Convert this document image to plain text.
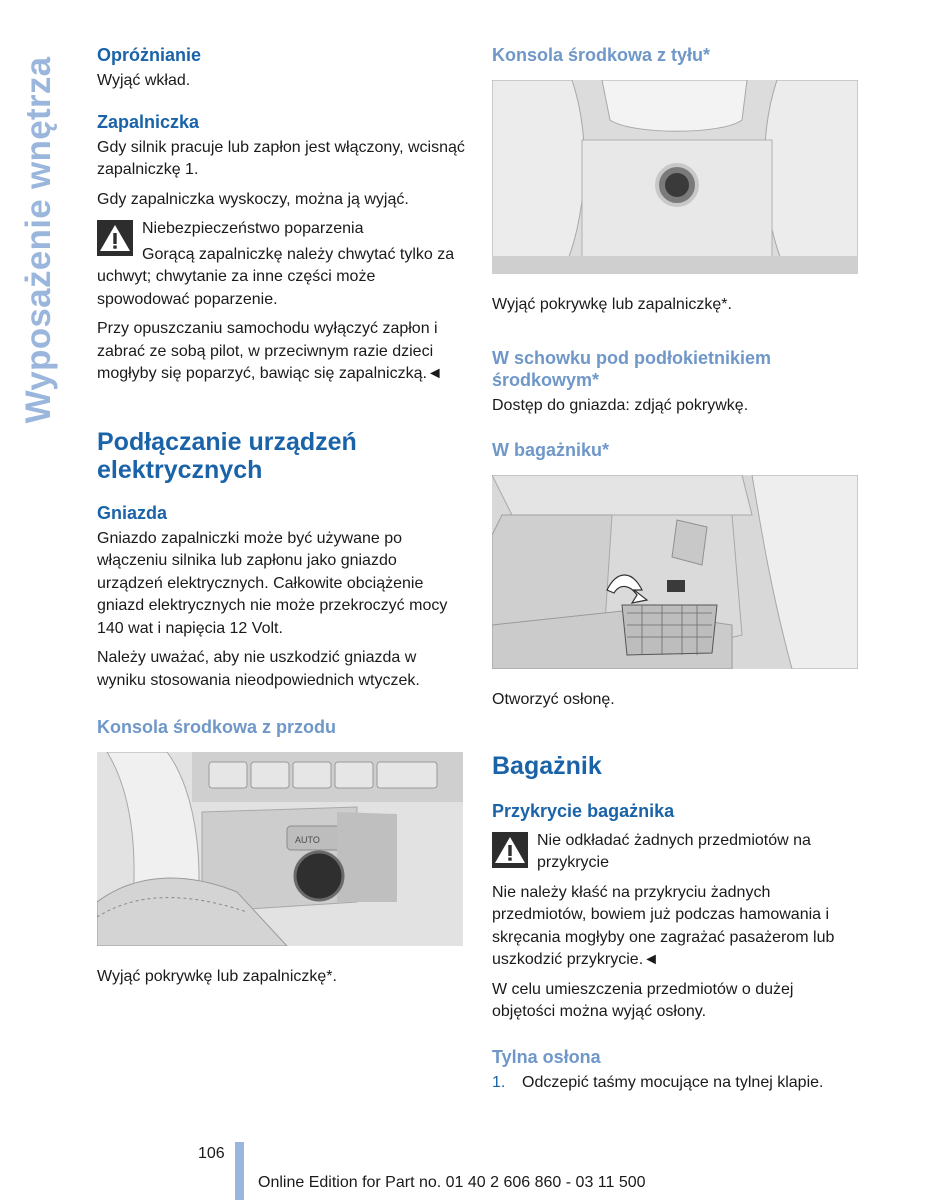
Wyposażenie wnętrza
Opróżnianie

Wyjąć wkład.

Zapalniczka

Gdy silnik pracuje lub zapłon jest włączony, wcisnąć zapalniczkę 1.

Gdy zapalniczka wyskoczy, można ją wyjąć.

Niebezpieczeństwo poparzenia

Gorącą zapalniczkę należy chwytać tylko za uchwyt; chwytanie za inne części może spowodować poparzenie.

Przy opuszczaniu samochodu wyłączyć zapłon i zabrać ze sobą pilot, w przeciwnym razie dzieci mogłyby się poparzyć, bawiąc się zapalniczką.◄

Podłączanie urządzeń elektrycznych
Gniazda

Gniazdo zapalniczki może być używane po włączeniu silnika lub zapłonu jako gniazdo urządzeń elektrycznych. Całkowite obciążenie gniazd elektrycznych nie może przekroczyć mocy 140 wat i napięcia 12 Volt.

Należy uważać, aby nie uszkodzić gniazda w wyniku stosowania nieodpowiednich wtyczek.

Konsola środkowa z przodu
AUTO

Wyjąć pokrywkę lub zapalniczkę*.

Konsola środkowa z tyłu*

Wyjąć pokrywkę lub zapalniczkę*.

W schowku pod podłokietnikiem środkowym*

Dostęp do gniazda: zdjąć pokrywkę.

W bagażniku*

Otworzyć osłonę.

Bagażnik
Przykrycie bagażnika

Nie odkładać żadnych przedmiotów na przykrycie

Nie należy kłaść na przykryciu żadnych przedmiotów, bowiem już podczas hamowania i skręcania mogłyby one zagrażać pasażerom lub uszkodzić przykrycie.◄

W celu umieszczenia przedmiotów o dużej objętości można wyjąć osłony.

Tylna osłona
1.	Odczepić taśmy mocujące na tylnej klapie.
106
Online Edition for Part no. 01 40 2 606 860 - 03 11 500
